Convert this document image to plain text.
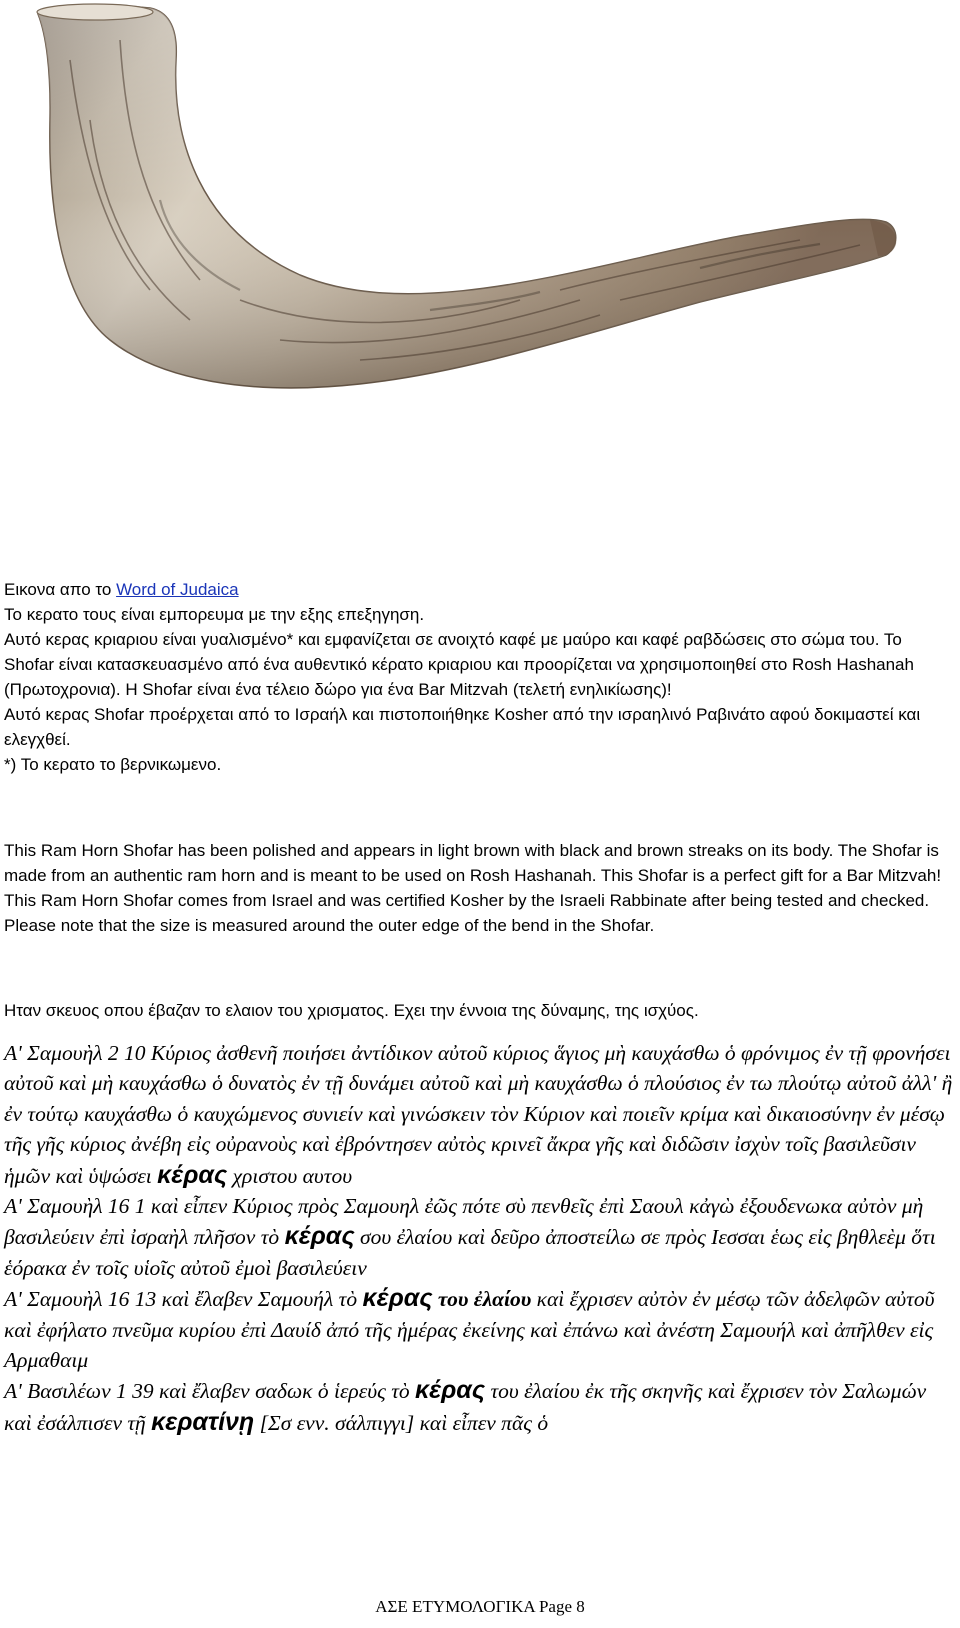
Εικονα απο το Word of Judaica

Το κερατο τους είναι εμπορευμα με την εξης επεξηγηση.

Αυτό κερας κριαριου είναι γυαλισμένο* και εμφανίζεται σε ανοιχτό καφέ με μαύρο και καφέ ραβδώσεις στο σώμα του. Το Shofar είναι κατασκευασμένο από ένα αυθεντικό κέρατο κριαριου και προορίζεται να χρησιμοποιηθεί στο Rosh Hashanah (Πρωτοχρονια). Η Shofar είναι ένα τέλειο δώρο για ένα Bar Mitzvah (τελετή ενηλικίωσης)!

Αυτό κερας Shofar προέρχεται από το Ισραήλ και πιστοποιήθηκε Kosher από την ισραηλινό Ραβινάτο αφού δοκιμαστεί και ελεγχθεί.

*) Το κερατο το βερνικωμενο.

This Ram Horn Shofar has been polished and appears in light brown with black and brown streaks on its body. The Shofar is made from an authentic ram horn and is meant to be used on Rosh Hashanah. This Shofar is a perfect gift for a Bar Mitzvah!

This Ram Horn Shofar comes from Israel and was certified Kosher by the Israeli Rabbinate after being tested and checked. Please note that the size is measured around the outer edge of the bend in the Shofar.

Ηταν σκευος οπου έβαζαν το ελαιον του χρισματος. Εχει την έννοια της δύναμης, της ισχύος.

Α' Σαμουὴλ 2 10 Κύριος ἀσθενῆ ποιήσει ἀντίδικον αὐτοῦ κύριος ἅγιος μὴ καυχάσθω ὁ φρόνιμος ἐν τῇ φρονήσει αὐτοῦ καὶ μὴ καυχάσθω ὁ δυνατὸς ἐν τῇ δυνάμει αὐτοῦ καὶ μὴ καυχάσθω ὁ πλούσιος ἐν τω πλούτῳ αὐτοῦ ἀλλ' ἢ ἐν τούτῳ καυχάσθω ὁ καυχώμενος συνιείν καὶ γινώσκειν τὸν Κύριον καὶ ποιεῖν κρίμα καὶ δικαιοσύνην ἐν μέσῳ τῆς γῆς κύριος ἀνέβη εἰς οὐρανοὺς καὶ ἐβρόντησεν αὐτὸς κρινεῖ ἄκρα γῆς καὶ διδῶσιν ἰσχὺν τοῖς βασιλεῦσιν ἡμῶν καὶ ὑψώσει κέρας χριστου αυτου

Α' Σαμουὴλ 16 1 καὶ εἶπεν Κύριος πρὸς Σαμουηλ ἐῶς πότε σὺ πενθεῖς ἐπὶ Σαουλ κἀγὼ ἐξουδενωκα αὐτὸν μὴ βασιλεύειν ἐπὶ ἰσραὴλ πλῆσον τὸ κέρας σου ἐλαίου καὶ δεῦρο ἀποστείλω σε πρὸς Ιεσσαι ἑως εἰς βηθλεὲμ ὅτι ἑόρακα ἐν τοῖς υἱοῖς αὐτοῦ ἐμοὶ βασιλεύειν

Α' Σαμουὴλ 16 13 καὶ ἔλαβεν Σαμουήλ τὸ κέρας του ἐλαίου καὶ ἔχρισεν αὐτὸν ἐν μέσῳ τῶν ἀδελφῶν αὐτοῦ καὶ ἐφήλατο πνεῦμα κυρίου ἐπὶ Δαυίδ ἀπό τῆς ἡμέρας ἐκείνης καὶ ἐπάνω καὶ ἀνέστη Σαμουήλ καὶ ἀπῆλθεν εἰς Αρμαθαιμ

Α' Βασιλέων 1 39 καὶ ἔλαβεν σαδωκ ὁ ἱερεύς τὸ κέρας του ἐλαίου ἐκ τῆς σκηνῆς καὶ ἔχρισεν τὸν Σαλωμών καὶ ἐσάλπισεν τῇ κερατίνῃ [Σσ ενν. σάλπιγγι] καὶ εἶπεν πᾶς ὁ

ΑΣΕ ΕΤΥΜΟΛΟΓΙΚΑ Page 8
